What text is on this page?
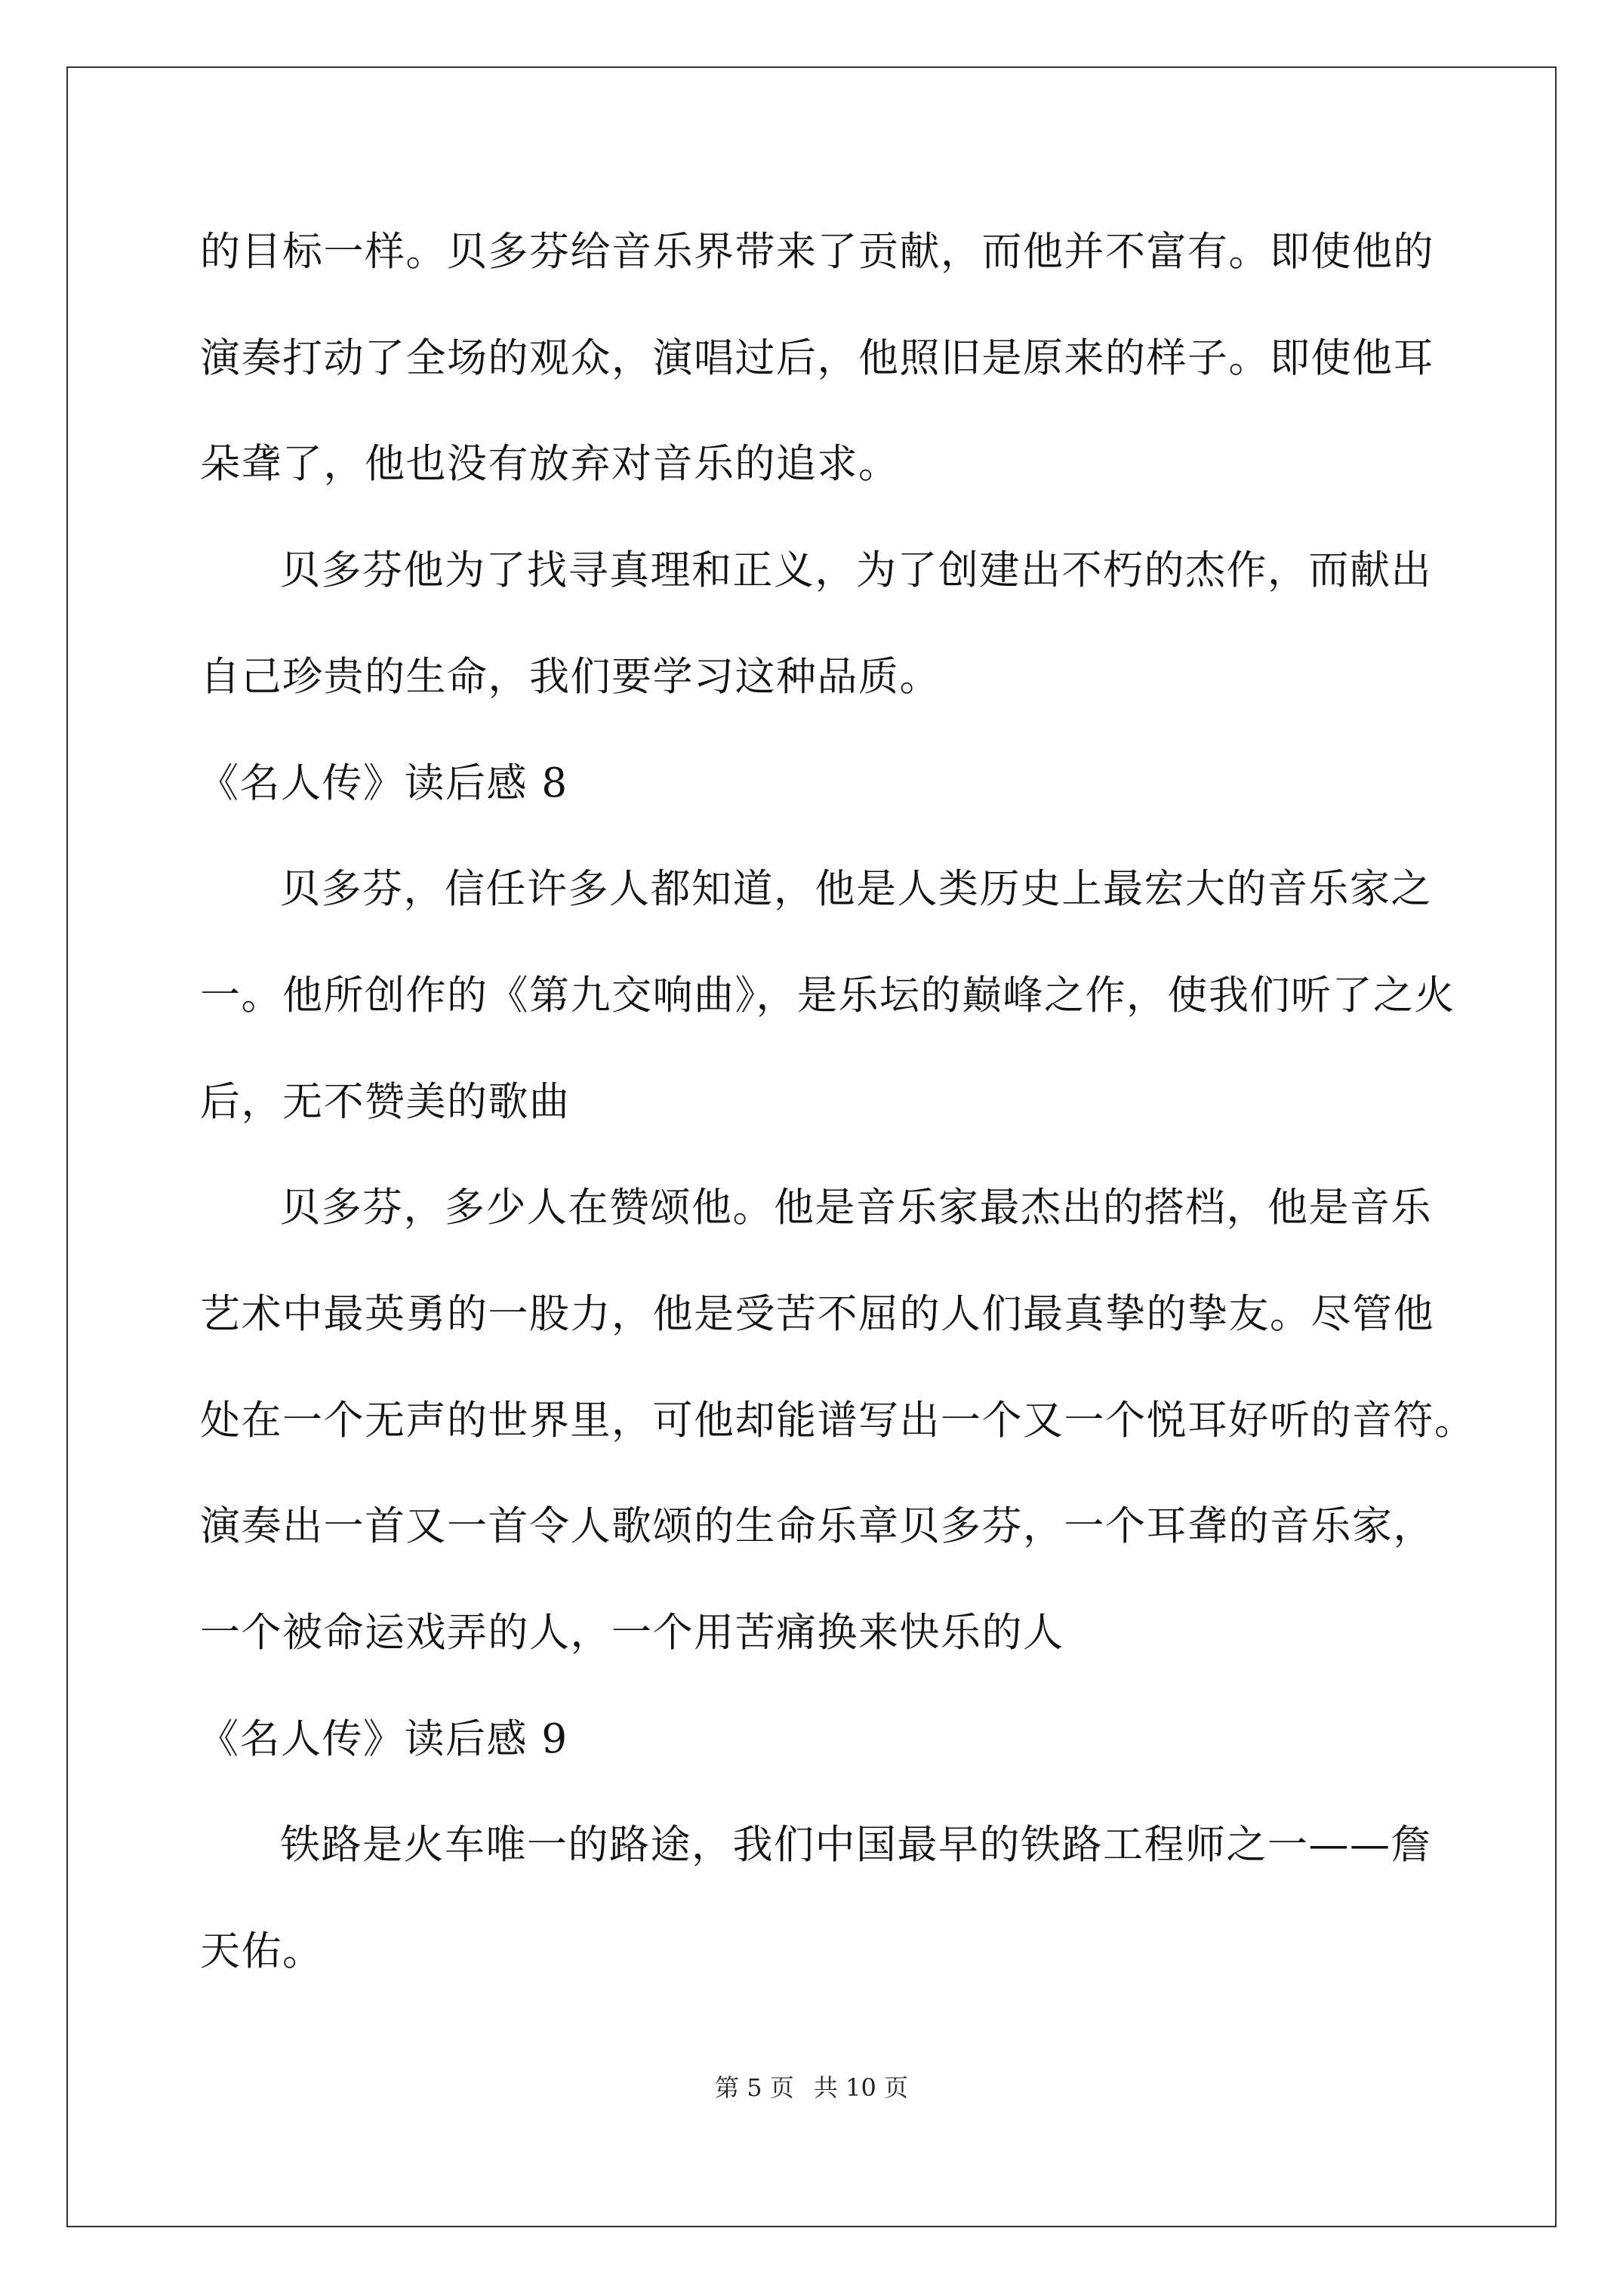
的目标一样。贝多芬给音乐界带来了贡献，而他并不富有。即使他的
演奏打动了全场的观众，演唱过后，他照旧是原来的样子。即使他耳
朵聋了，他也没有放弃对音乐的追求。
贝多芬他为了找寻真理和正义，为了创建出不朽的杰作，而献出
自己珍贵的生命，我们要学习这种品质。
《名人传》读后感 8
贝多芬，信任许多人都知道，他是人类历史上最宏大的音乐家之
一。他所创作的《第九交响曲》，是乐坛的巅峰之作，使我们听了之火
后，无不赞美的歌曲
贝多芬，多少人在赞颂他。他是音乐家最杰出的搭档，他是音乐
艺术中最英勇的一股力，他是受苦不屈的人们最真挚的挚友。尽管他
处在一个无声的世界里，可他却能谱写出一个又一个悦耳好听的音符。
演奏出一首又一首令人歌颂的生命乐章贝多芬，一个耳聋的音乐家，
一个被命运戏弄的人，一个用苦痛换来快乐的人
《名人传》读后感 9
铁路是火车唯一的路途，我们中国最早的铁路工程师之一——詹
天佑。
第 5 页 共 10 页
